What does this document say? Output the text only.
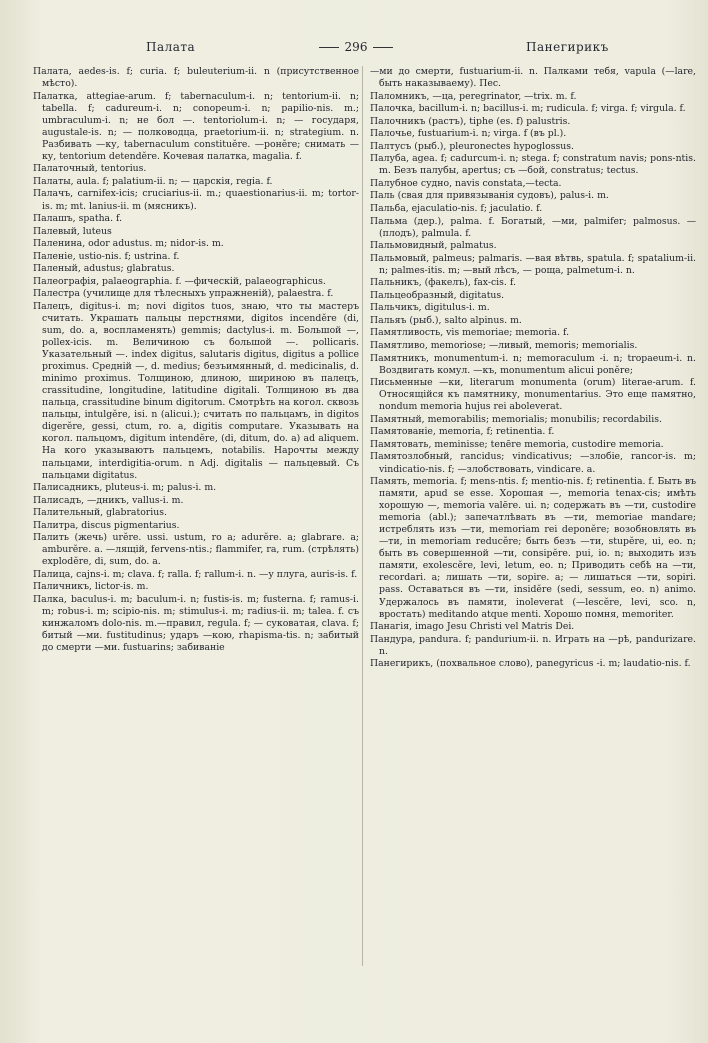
Палата	296	Панегирикъ

Палата, aedes-is. f; curia. f; buleuterium-ii. n (присутственное мѣсто).

Палатка, attegiae-arum. f; tabernaculum-i. n; tentorium-ii. n; tabella. f; cadureum-i. n; conopeum-i. n; papilio-nis. m.; umbraculum-i. n; не бол —. tentoriolum-i. n; — государя, augustale-is. n; — полководца, praetorium-ii. n; strategium. n. Разбивать —ку, tabernaculum constituĕre. —ронĕre; снимать —ку, tentorium detendĕre. Кочевая палатка, magalia. f.

Палаточный, tentorius.

Палаты, aula. f; palatium-ii. n; — царскія, regia. f.

Палачъ, carnifex-icis; cruciarius-ii. m.; quaestionarius-ii. m; tortor-is. m; mt. lanius-ii. m (мясникъ).

Палашъ, spatha. f.

Палевый, luteus

Паленина, odor adustus. m; nidor-is. m.

Паленіе, ustio-nis. f; ustrina. f.

Паленый, adustus; glabratus.

Палеографія, palaeographia. f. —фическій, palaeographicus.

Палестра (училище для тѣлесныхъ упражненій), palaestra. f.

Палецъ, digitus-i. m; novi digitos tuos, знаю, что ты мастеръ считать. Украшать пальцы перстнями, digitos incendĕre (di, sum, do. a, воспламенять) gemmis; dactylus-i. m. Большой —, pollex-icis. m. Величиною съ большой —. pollicaris. Указательный —. index digitus, salutaris digitus, digitus a pollice proximus. Средній —, d. medius; безъимянный, d. medicinalis, d. minimo proximus. Толщиною, длиною, шириною въ палецъ, crassitudine, longitudine, latitudine digitali. Толщиною въ два пальца, crassitudine binum digitorum. Смотрѣть на когол. сквозь пальцы, intulgĕre, isi. n (alicui.); считать по пальцамъ, in digitos digerĕre, gessi, ctum, ro. a, digitis computare. Указывать на когол. пальцомъ, digitum intendĕre, (di, ditum, do. a) ad aliquem. На кого указываютъ пальцемъ, notabilis. Нарочты между пальцами, interdigitia-orum. n Adj. digitalis — пальцевый. Съ пальцами digitatus.

Палисадникъ, pluteus-i. m; palus-i. m.

Палисадъ, —дникъ, vallus-i. m.

Палительный, glabratorius.

Палитра, discus pigmentarius.

Палить (жечь) urĕre. ussi. ustum, ro a; adurĕre. a; glabrare. a; amburĕre. a. —лящій, fervens-ntis.; flammifer, ra, rum. (стрѣлять) explodĕre, di, sum, do. a.

Палица, cajns-i. m; clava. f; ralla. f; rallum-i. n. —у плуга, auris-is. f.

Паличникъ, lictor-is. m.

Палка, baculus-i. m; baculum-i. n; fustis-is. m; fusterna. f; ramus-i. m; robus-i. m; scipio-nis. m; stimulus-i. m; radius-ii. m; talea. f. съ кинжаломъ dolo-nis. m.—правил, regula. f; — суковатая, clava. f; битый —ми. fustitudinus; ударъ —кою, rhapisma-tis. n; забитый до смерти —ми. fustuarins; забиваніе

—ми до смерти, fustuarium-ii. n. Палками тебя, vapula (—lare, быть наказываему). Пес.

Паломникъ, —ца, peregrinator, —trix. m. f.

Палочка, bacillum-i. n; bacillus-i. m; rudicula. f; virga. f; virgula. f.

Палочникъ (растъ), tiphe (es. f) palustris.

Палочье, fustuarium-i. n; virga. f (въ pl.).

Палтусъ (рыб.), pleuronectes hypoglossus.

Палуба, agea. f; cadurcum-i. n; stega. f; constratum navis; pons-ntis. m. Безъ палубы, apertus; съ —бой, constratus; tectus.

Палубное судно, navis constata,—tecta.

Паль (свая для привязыванія судовъ), palus-i. m.

Пальба, ejaculatio-nis. f; jaculatio. f.

Пальма (дер.), palma. f. Богатый, —ми, palmifer; palmosus. — (плодъ), palmula. f.

Пальмовидный, palmatus.

Пальмовый, palmeus; palmaris. —вая вѣтвь, spatula. f; spatalium-ii. n; palmes-itis. m; —вый лѣсъ, — роща, palmetum-i. n.

Пальникъ, (факелъ), fax-cis. f.

Пальцеобразный, digitatus.

Пальчикъ, digitulus-i. m.

Пальяъ (рыб.), salto alpinus. m.

Памятливость, vis memoriae; memoria. f.

Памятливо, memoriose; —ливый, memoris; memorialis.

Памятникъ, monumentum-i. n; memoraculum -i. n; tropaeum-i. n. Воздвигать комул. —къ, monumentum alicui ponĕre;

Письменные —ки, literarum monumenta (orum) literae-arum. f. Относящійся къ памятнику, monumentarius. Это еще памятно, nondum memoria hujus rei aboleverat.

Памятный, memorabilis; memorialis; monubilis; recordabilis.

Памятованіе, memoria, f; retinentia. f.

Памятовать, meminisse; tenēre memoria, custodire memoria.

Памятозлобный, rancidus; vindicativus; —злобіе, rancor-is. m; vindicatio-nis. f; —злобствовать, vindicare. a.

Память, memoria. f; mens-ntis. f; mentio-nis. f; retinentia. f. Быть въ памяти, apud se esse. Хорошая —, memoria tenax-cis; имѣть хорошую —, memoria valēre. ui. n; содержать въ —ти, custodire memoria (abl.); запечатлѣвать въ —ти, memoriae mandare; истреблять изъ —ти, memoriam rei deponĕre; возобновлять въ —ти, in memoriam reducĕre; быть безъ —ти, stupĕre, ui, eo. n; быть въ совершенной —ти, consipĕre. pui, io. n; выходить изъ памяти, exolescĕre, levi, letum, eo. n; Приводить себѣ на —ти, recordari. a; лишать —ти, sopire. a; — лишаться —ти, sopiri. pass. Оставаться въ —ти, insidĕre (sedi, sessum, eo. n) animo. Удержалось въ памяти, inoleverat (—lescĕre, levi, sco. n, вростать) meditando atque menti. Хорошо помня, memoriter.

Панагія, imago Jesu Christi vel Matris Dei.

Пандура, pandura. f; pandurium-ii. n. Играть на —рѣ, pandurizare. n.

Панегирикъ, (похвальное слово), panegyricus -i. m; laudatio-nis. f.
